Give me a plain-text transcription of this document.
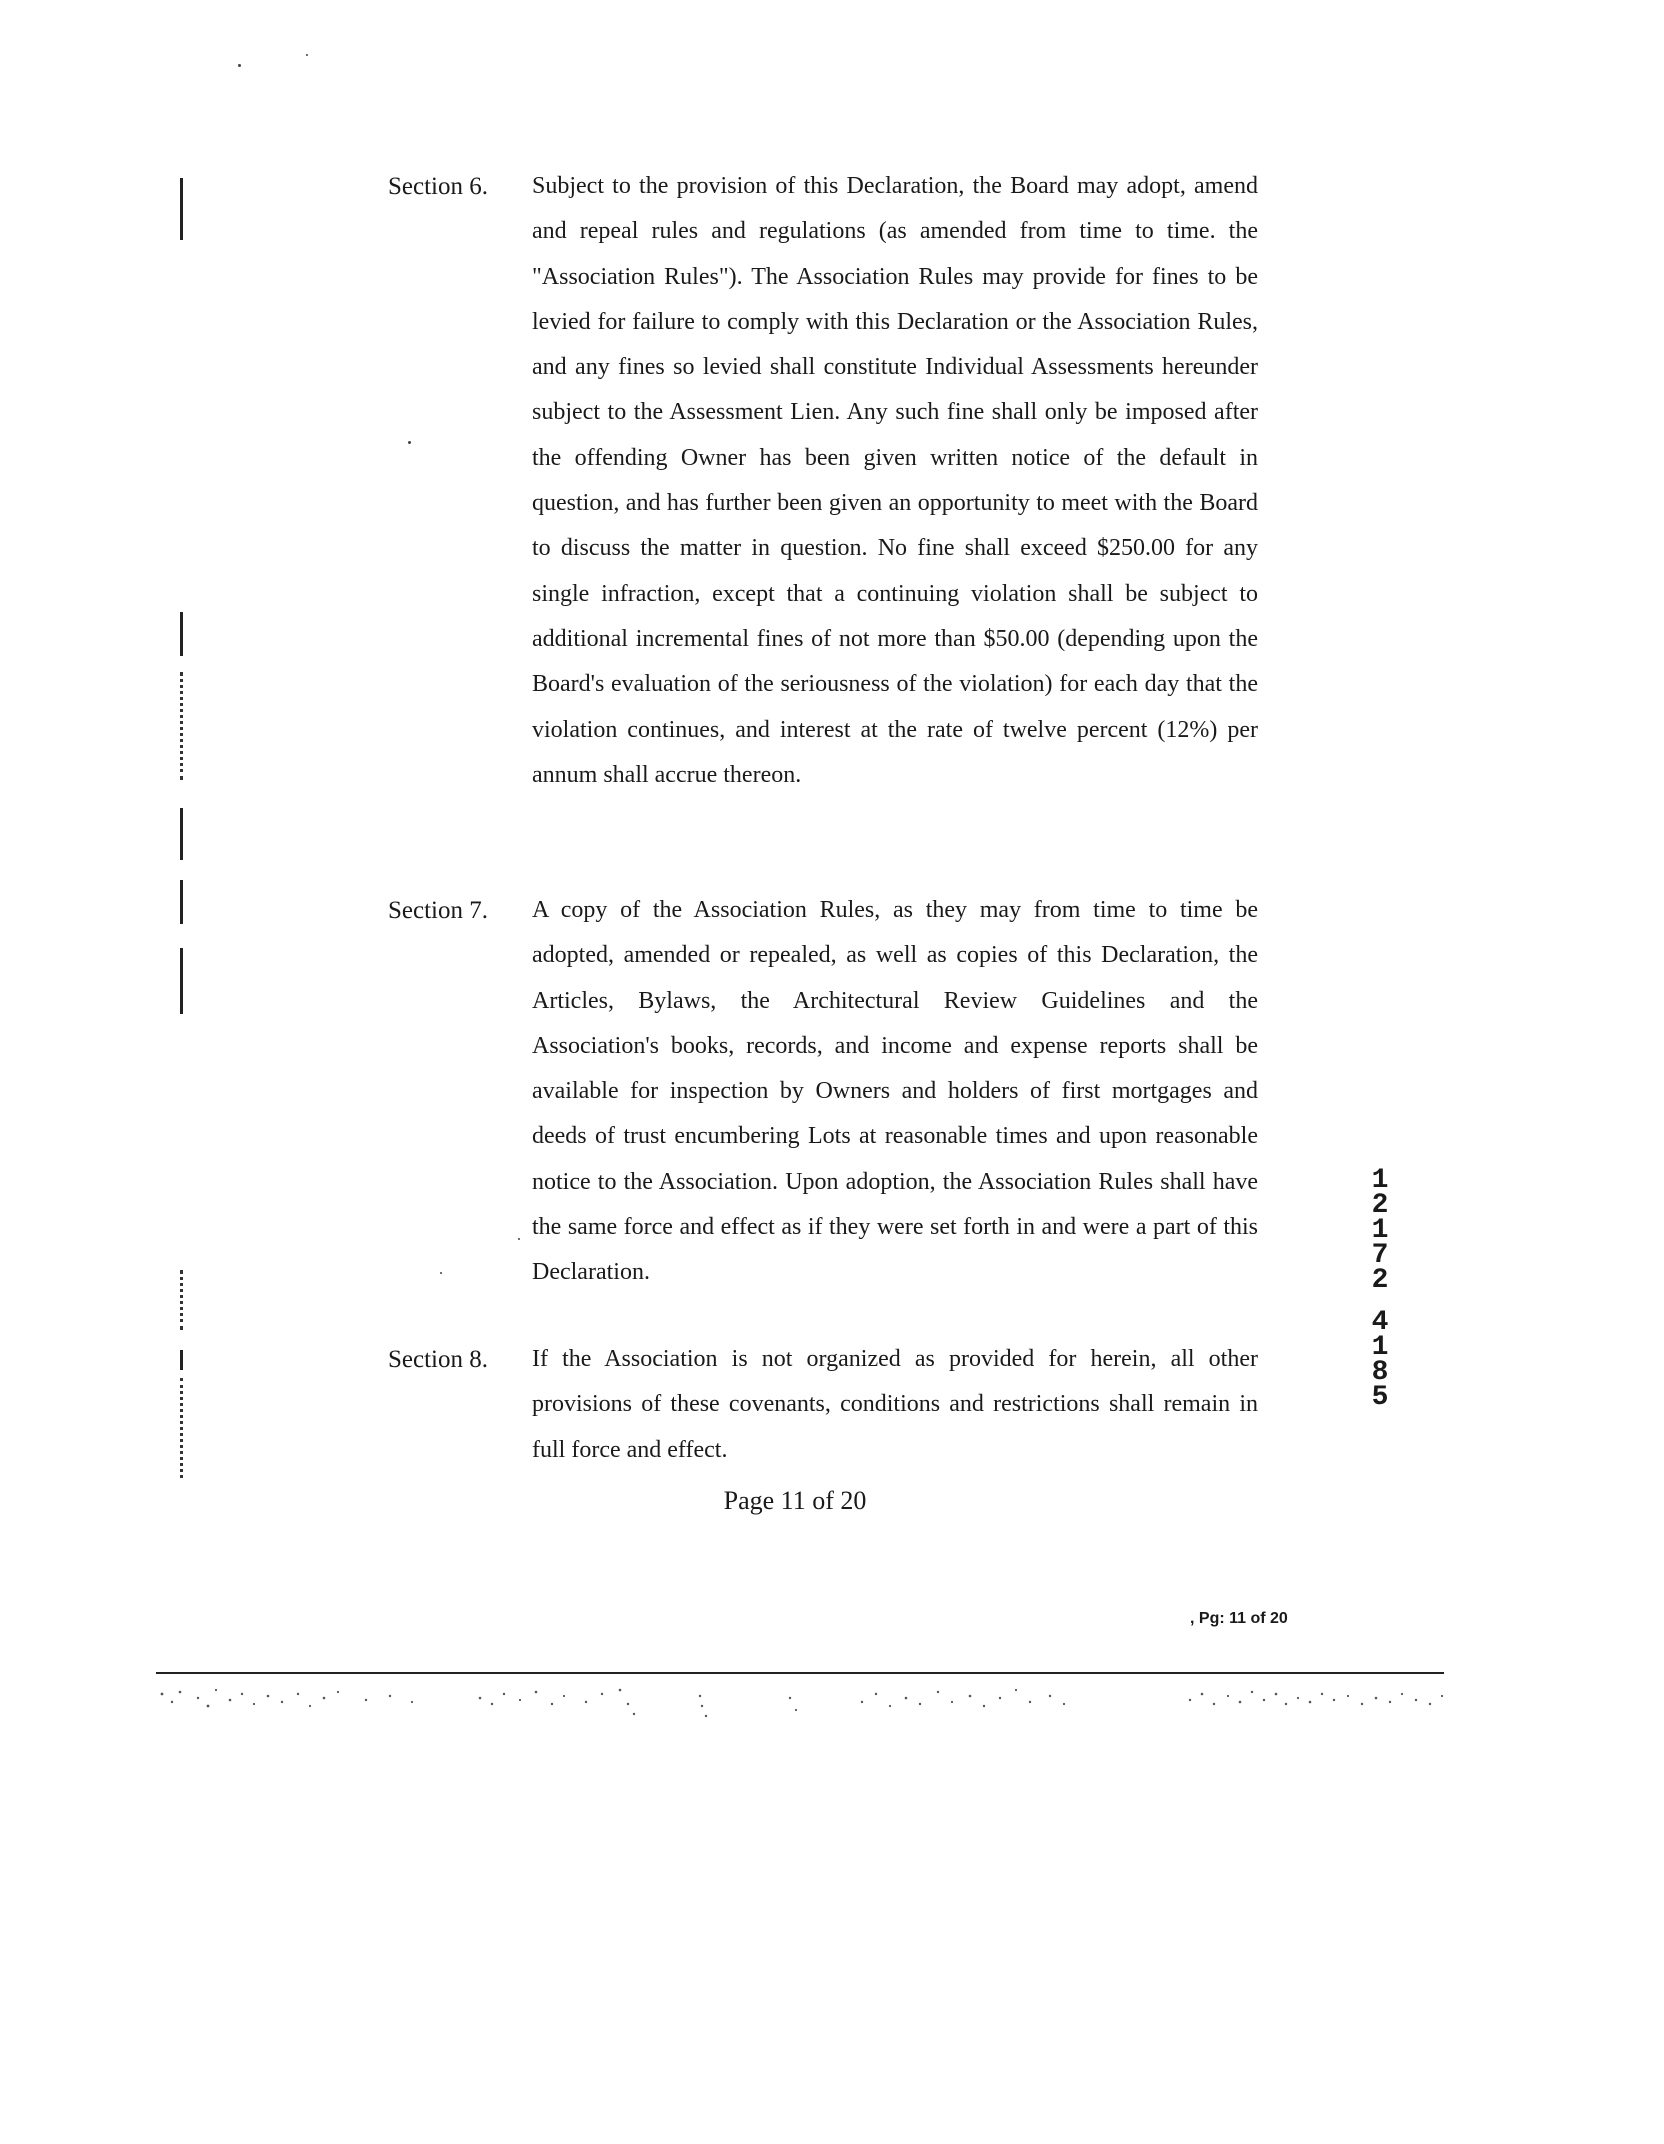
Section 6. Subject to the provision of this Declaration, the Board may adopt, amend and repeal rules and regulations (as amended from time to time. the "Association Rules"). The Association Rules may provide for fines to be levied for failure to comply with this Declaration or the Association Rules, and any fines so levied shall constitute Individual Assessments hereunder subject to the Assessment Lien. Any such fine shall only be imposed after the offending Owner has been given written notice of the default in question, and has further been given an opportunity to meet with the Board to discuss the matter in question. No fine shall exceed $250.00 for any single infraction, except that a continuing violation shall be subject to additional incremental fines of not more than $50.00 (depending upon the Board's evaluation of the seriousness of the violation) for each day that the violation continues, and interest at the rate of twelve percent (12%) per annum shall accrue thereon.

Section 7. A copy of the Association Rules, as they may from time to time be adopted, amended or repealed, as well as copies of this Declaration, the Articles, Bylaws, the Architectural Review Guidelines and the Association's books, records, and income and expense reports shall be available for inspection by Owners and holders of first mortgages and deeds of trust encumbering Lots at reasonable times and upon reasonable notice to the Association. Upon adoption, the Association Rules shall have the same force and effect as if they were set forth in and were a part of this Declaration.

Section 8. If the Association is not organized as provided for herein, all other provisions of these covenants, conditions and restrictions shall remain in full force and effect.

1
2
1
7
2
4
1
8
5
Page 11 of 20
, Pg: 11 of 20
